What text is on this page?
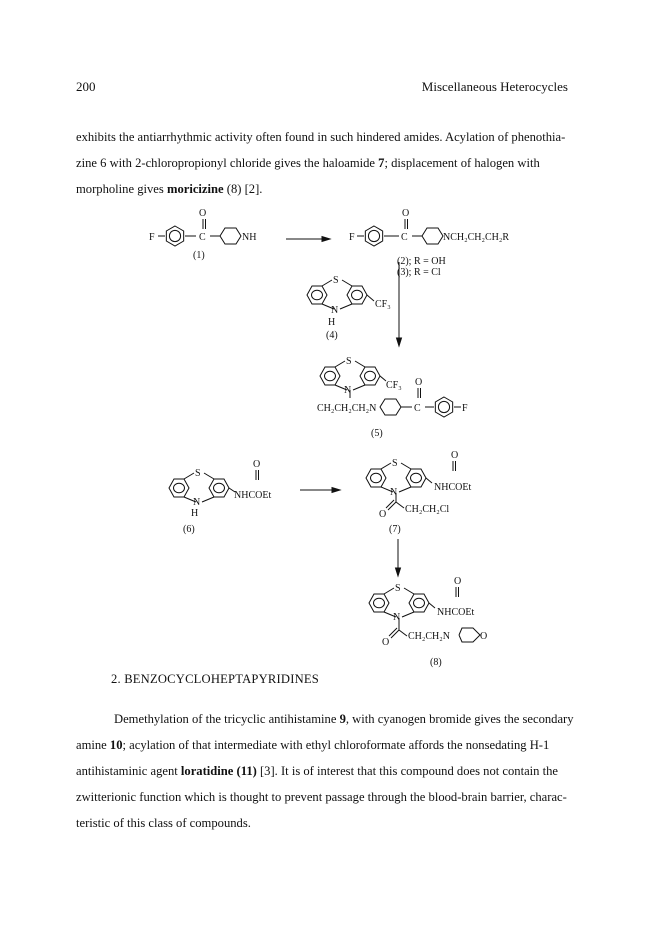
200	Miscellaneous Heterocycles
exhibits the antiarrhythmic activity often found in such hindered amides. Acylation of phenothia-
zine 6 with 2-chloropropionyl chloride gives the haloamide 7; displacement of halogen with
morpholine gives moricizine (8) [2].
O
C	NH
F
(1)
O
C	NCH₂CH₂CH₂R
F
(2); R = OH
(3); R = Cl
S
N
H
CF₃
(4)
S
N	CF₃
CH₂CH₂CH₂N	C
O
F
(5)
S
N
H
O
NHCOEt
(6)
S
N
O
NHCOEt
O CH₂CH₂Cl
(7)
S
N
O
NHCOEt
O
CH₂CH₂N	O
(8)
2. BENZOCYCLOHEPTAPYRIDINES
Demethylation of the tricyclic antihistamine 9, with cyanogen bromide gives the secondary
amine 10; acylation of that intermediate with ethyl chloroformate affords the nonsedating H-1
antihistaminic agent loratidine (11) [3]. It is of interest that this compound does not contain the
zwitterionic function which is thought to prevent passage through the blood-brain barrier, charac-
teristic of this class of compounds.
